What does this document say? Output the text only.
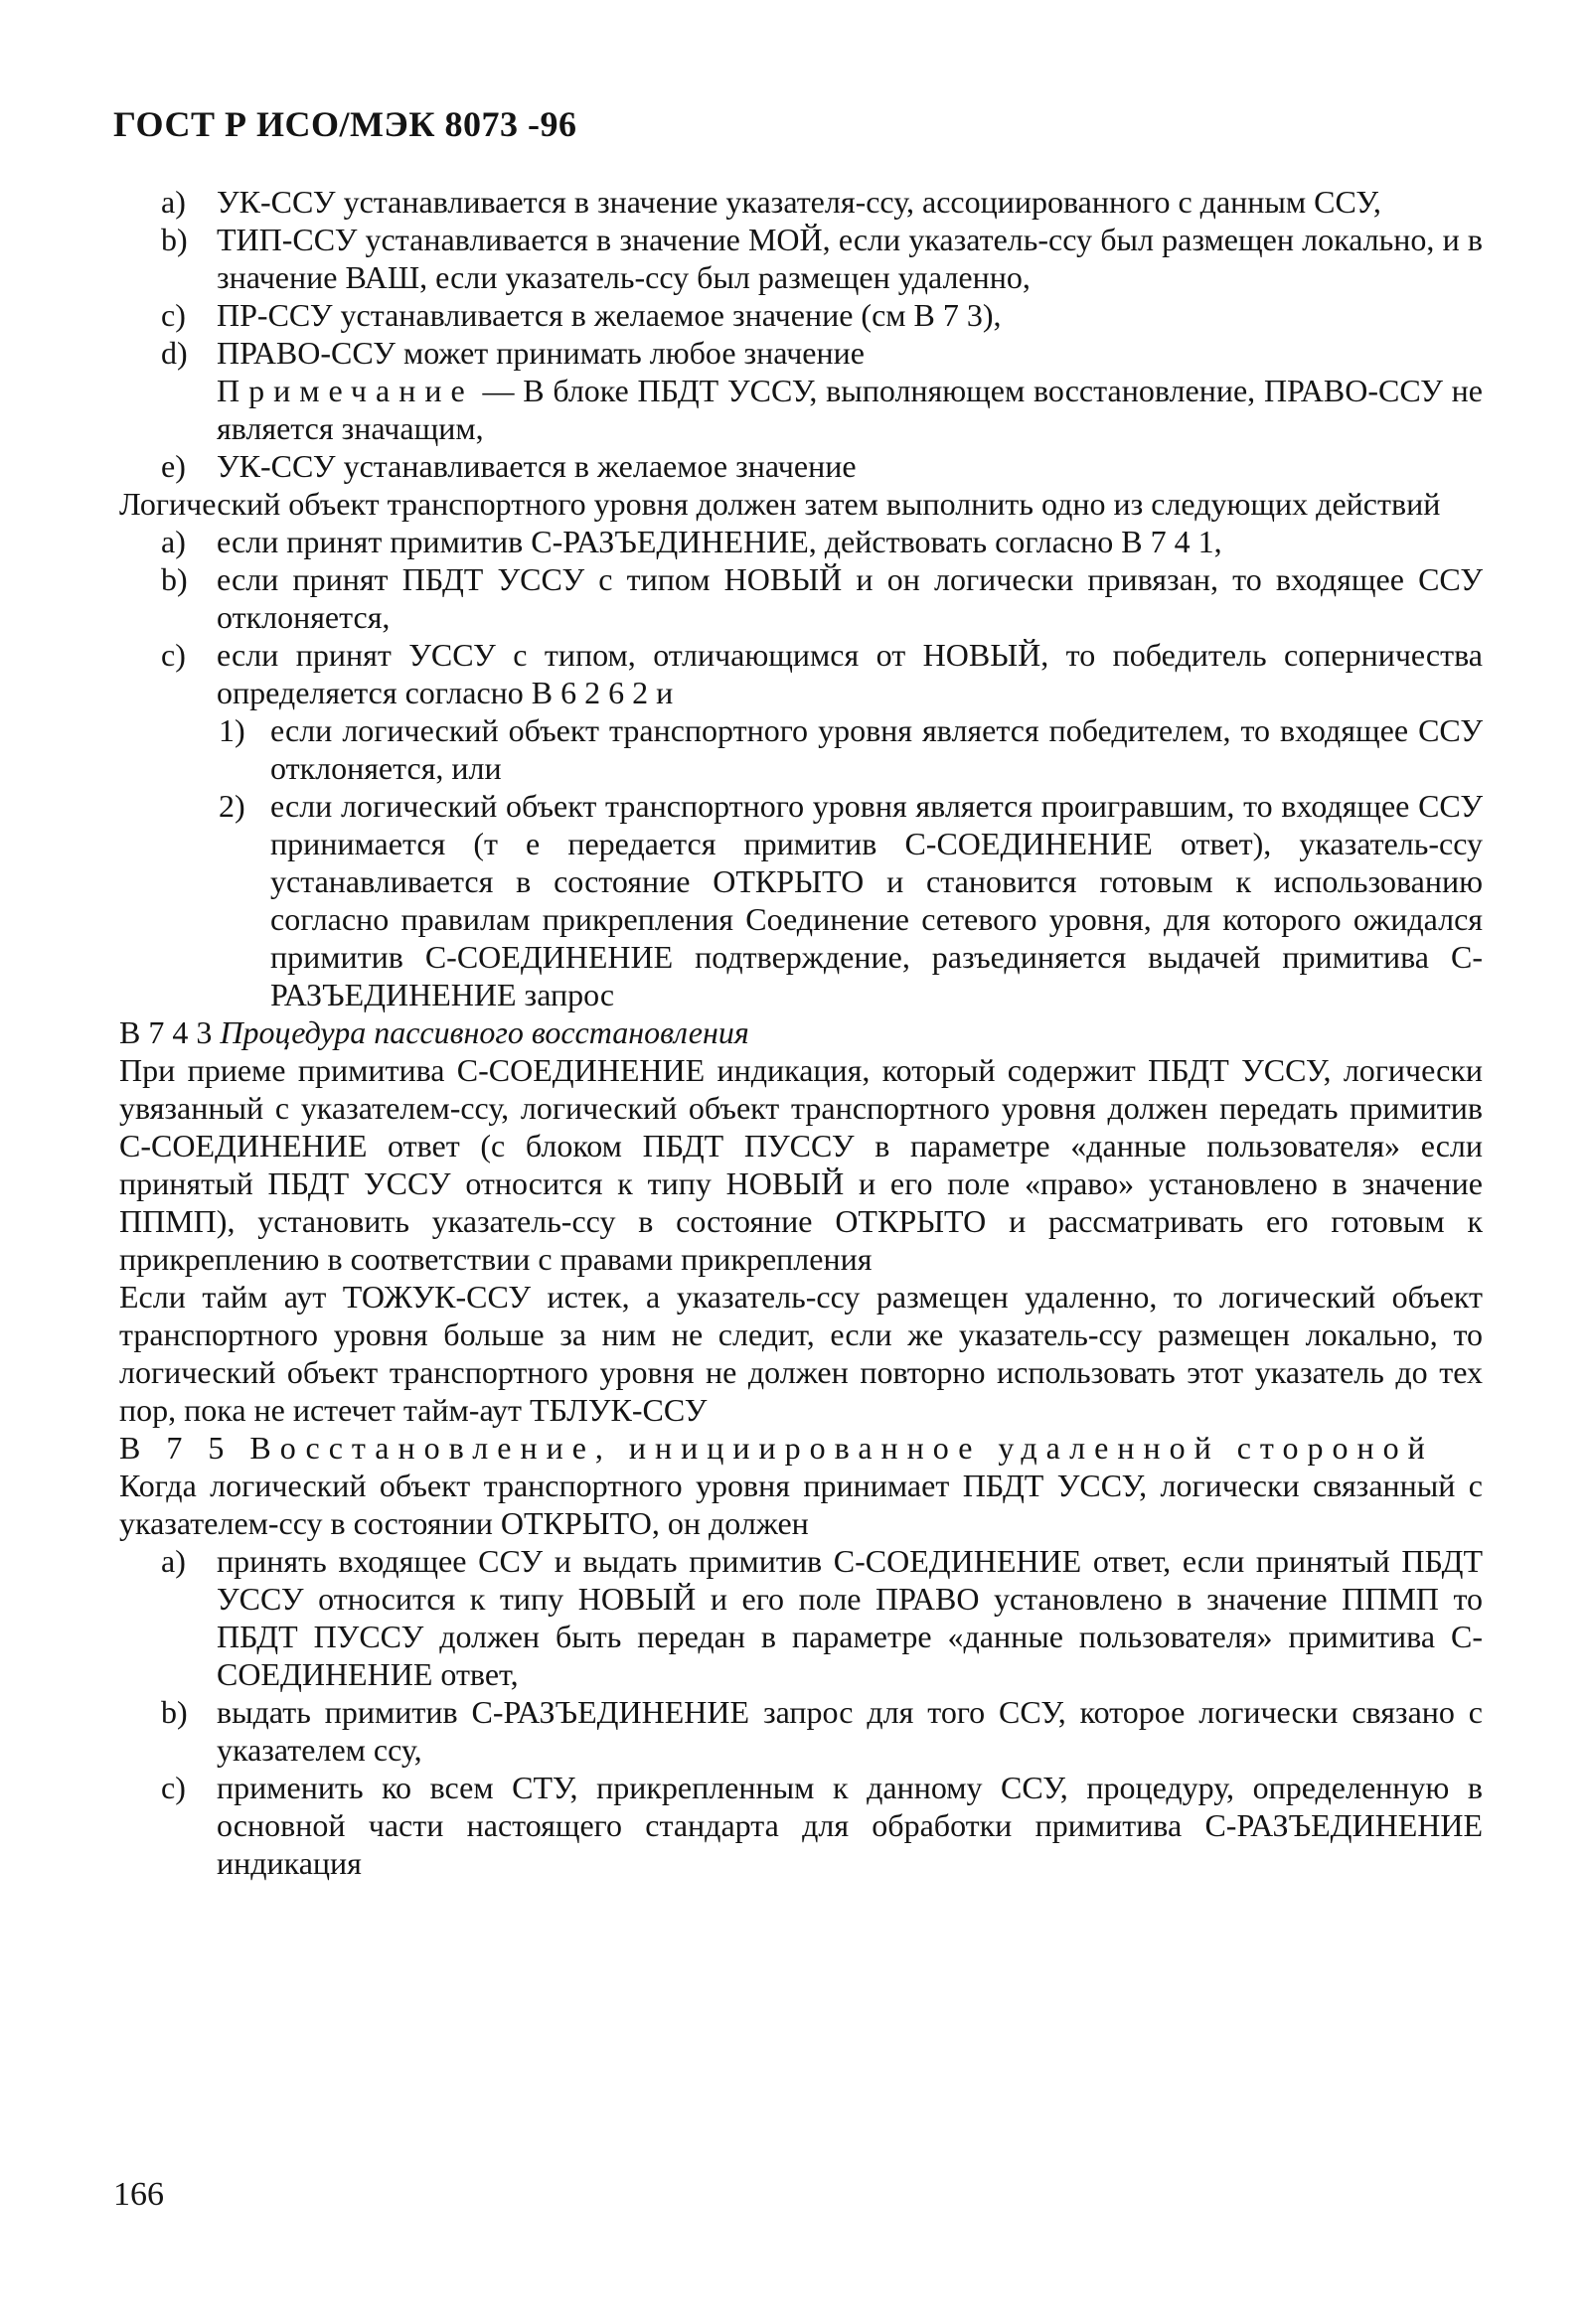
ГОСТ Р ИСО/МЭК 8073 -96
a) УК-ССУ устанавливается в значение указателя-ссу, ассоциированного с данным ССУ,

b) ТИП-ССУ устанавливается в значение МОЙ, если указатель-ссу был размещен локально, и в значение ВАШ, если указатель-ссу был размещен удаленно,

c) ПР-ССУ устанавливается в желаемое значение (см В 7 3),

d) ПРАВО-ССУ может принимать любое значение

Примечание — В блоке ПБДТ УССУ, выполняющем восстановление, ПРАВО-ССУ не является значащим,

e) УК-ССУ устанавливается в желаемое значение

Логический объект транспортного уровня должен затем выполнить одно из следующих действий

a) если принят примитив С-РАЗЪЕДИНЕНИЕ, действовать согласно В 7 4 1,

b) если принят ПБДТ УССУ с типом НОВЫЙ и он логически привязан, то входящее ССУ отклоняется,

c) если принят УССУ с типом, отличающимся от НОВЫЙ, то победитель соперничества определяется согласно В 6 2 6 2 и

1) если логический объект транспортного уровня является победителем, то входящее ССУ отклоняется, или

2) если логический объект транспортного уровня является проигравшим, то входящее ССУ принимается (т е передается примитив С-СОЕДИНЕНИЕ ответ), указатель-ссу устанавливается в состояние ОТКРЫТО и становится готовым к использованию согласно правилам прикрепления Соединение сетевого уровня, для которого ожидался примитив С-СОЕДИНЕНИЕ подтверждение, разъединяется выдачей примитива С-РАЗЪЕДИНЕНИЕ запрос

В 7 4 3 Процедура пассивного восстановления

При приеме примитива С-СОЕДИНЕНИЕ индикация, который содержит ПБДТ УССУ, логически увязанный с указателем-ссу, логический объект транспортного уровня должен передать примитив С-СОЕДИНЕНИЕ ответ (с блоком ПБДТ ПУССУ в параметре «данные пользователя» если принятый ПБДТ УССУ относится к типу НОВЫЙ и его поле «право» установлено в значение ППМП), установить указатель-ссу в состояние ОТКРЫТО и рассматривать его готовым к прикреплению в соответствии с правами прикрепления

Если тайм аут ТОЖУК-ССУ истек, а указатель-ссу размещен удаленно, то логический объект транспортного уровня больше за ним не следит, если же указатель-ссу размещен локально, то логический объект транспортного уровня не должен повторно использовать этот указатель до тех пор, пока не истечет тайм-аут ТБЛУК-ССУ

В 7 5 Восстановление, инициированное удаленной стороной

Когда логический объект транспортного уровня принимает ПБДТ УССУ, логически связанный с указателем-ссу в состоянии ОТКРЫТО, он должен

a) принять входящее ССУ и выдать примитив С-СОЕДИНЕНИЕ ответ, если принятый ПБДТ УССУ относится к типу НОВЫЙ и его поле ПРАВО установлено в значение ППМП то ПБДТ ПУССУ должен быть передан в параметре «данные пользователя» примитива С-СОЕДИНЕНИЕ ответ,

b) выдать примитив С-РАЗЪЕДИНЕНИЕ запрос для того ССУ, которое логически связано с указателем ссу,

c) применить ко всем СТУ, прикрепленным к данному ССУ, процедуру, определенную в основной части настоящего стандарта для обработки примитива С-РАЗЪЕДИНЕНИЕ индикация

166
